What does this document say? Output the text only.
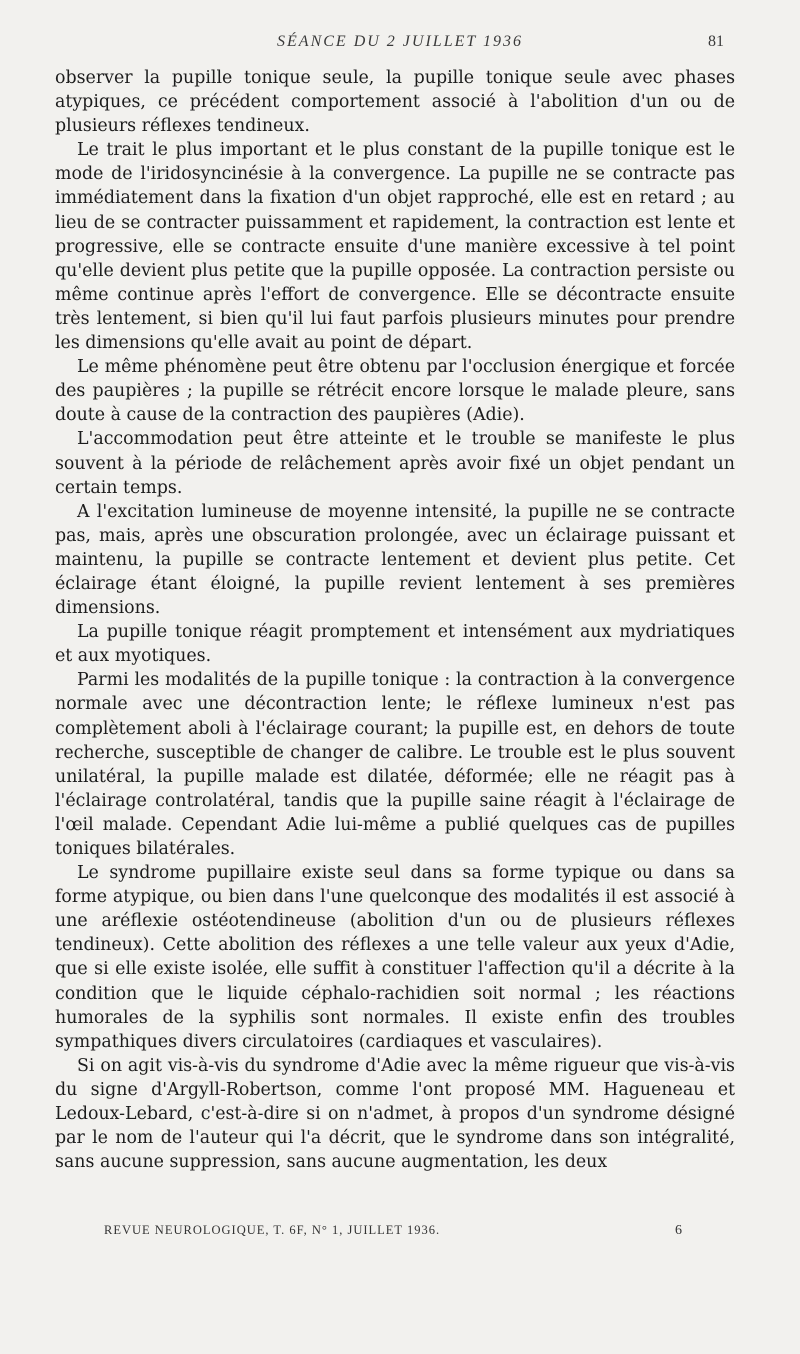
SÉANCE DU 2 JUILLET 1936	81

observer la pupille tonique seule, la pupille tonique seule avec phases atypiques, ce précédent comportement associé à l'abolition d'un ou de plusieurs réflexes tendineux.

Le trait le plus important et le plus constant de la pupille tonique est le mode de l'iridosyncinésie à la convergence. La pupille ne se contracte pas immédiatement dans la fixation d'un objet rapproché, elle est en retard ; au lieu de se contracter puissamment et rapidement, la contraction est lente et progressive, elle se contracte ensuite d'une manière excessive à tel point qu'elle devient plus petite que la pupille opposée. La contraction persiste ou même continue après l'effort de convergence. Elle se décontracte ensuite très lentement, si bien qu'il lui faut parfois plusieurs minutes pour prendre les dimensions qu'elle avait au point de départ.

Le même phénomène peut être obtenu par l'occlusion énergique et forcée des paupières ; la pupille se rétrécit encore lorsque le malade pleure, sans doute à cause de la contraction des paupières (Adie).

L'accommodation peut être atteinte et le trouble se manifeste le plus souvent à la période de relâchement après avoir fixé un objet pendant un certain temps.

A l'excitation lumineuse de moyenne intensité, la pupille ne se contracte pas, mais, après une obscuration prolongée, avec un éclairage puissant et maintenu, la pupille se contracte lentement et devient plus petite. Cet éclairage étant éloigné, la pupille revient lentement à ses premières dimensions.

La pupille tonique réagit promptement et intensément aux mydriatiques et aux myotiques.

Parmi les modalités de la pupille tonique : la contraction à la convergence normale avec une décontraction lente; le réflexe lumineux n'est pas complètement aboli à l'éclairage courant; la pupille est, en dehors de toute recherche, susceptible de changer de calibre. Le trouble est le plus souvent unilatéral, la pupille malade est dilatée, déformée; elle ne réagit pas à l'éclairage controlatéral, tandis que la pupille saine réagit à l'éclairage de l'œil malade. Cependant Adie lui-même a publié quelques cas de pupilles toniques bilatérales.

Le syndrome pupillaire existe seul dans sa forme typique ou dans sa forme atypique, ou bien dans l'une quelconque des modalités il est associé à une aréflexie ostéotendineuse (abolition d'un ou de plusieurs réflexes tendineux). Cette abolition des réflexes a une telle valeur aux yeux d'Adie, que si elle existe isolée, elle suffit à constituer l'affection qu'il a décrite à la condition que le liquide céphalo-rachidien soit normal ; les réactions humorales de la syphilis sont normales. Il existe enfin des troubles sympathiques divers circulatoires (cardiaques et vasculaires).

Si on agit vis-à-vis du syndrome d'Adie avec la même rigueur que vis-à-vis du signe d'Argyll-Robertson, comme l'ont proposé MM. Hagueneau et Ledoux-Lebard, c'est-à-dire si on n'admet, à propos d'un syndrome désigné par le nom de l'auteur qui l'a décrit, que le syndrome dans son intégralité, sans aucune suppression, sans aucune augmentation, les deux

REVUE NEUROLOGIQUE, T. 6F, N° 1, JUILLET 1936.	6
